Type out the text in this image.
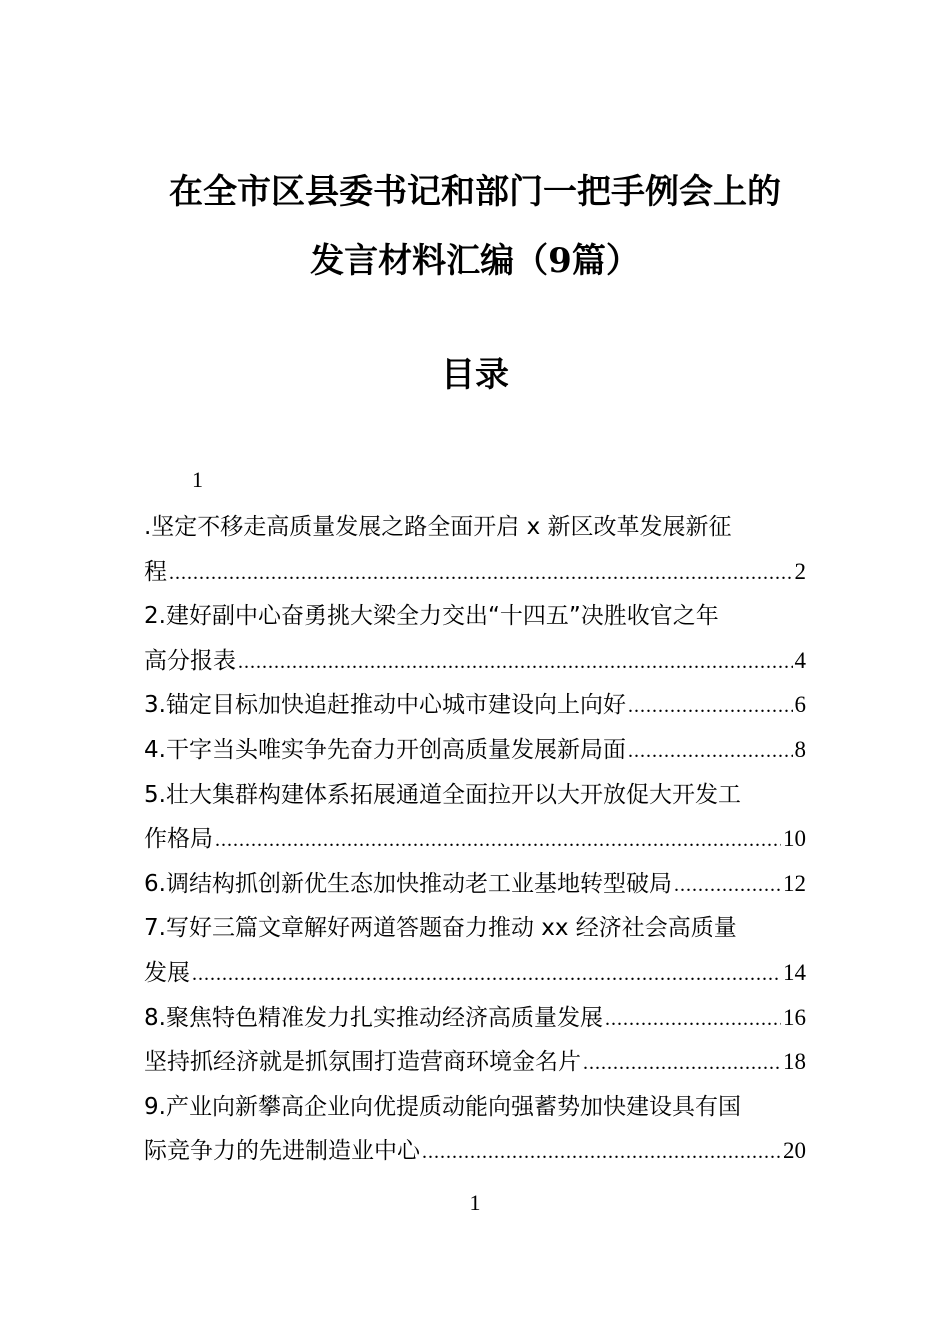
在全市区县委书记和部门一把手例会上的
发言材料汇编（9篇）
目录
1
.坚定不移走高质量发展之路全面开启 x 新区改革发展新征
程 .....	2
2.建好副中心奋勇挑大梁全力交出“十四五”决胜收官之年
高分报表 .....	4
3.锚定目标加快追赶推动中心城市建设向上向好 .....	6
4.干字当头唯实争先奋力开创高质量发展新局面 .....	8
5.壮大集群构建体系拓展通道全面拉开以大开放促大开发工
作格局 .....	10
6.调结构抓创新优生态加快推动老工业基地转型破局 .....	12
7.写好三篇文章解好两道答题奋力推动 xx 经济社会高质量
发展 .....	14
8.聚焦特色精准发力扎实推动经济高质量发展 .....	16
坚持抓经济就是抓氛围打造营商环境金名片 .....	18
9.产业向新攀高企业向优提质动能向强蓄势加快建设具有国
际竞争力的先进制造业中心 .....	20
1
